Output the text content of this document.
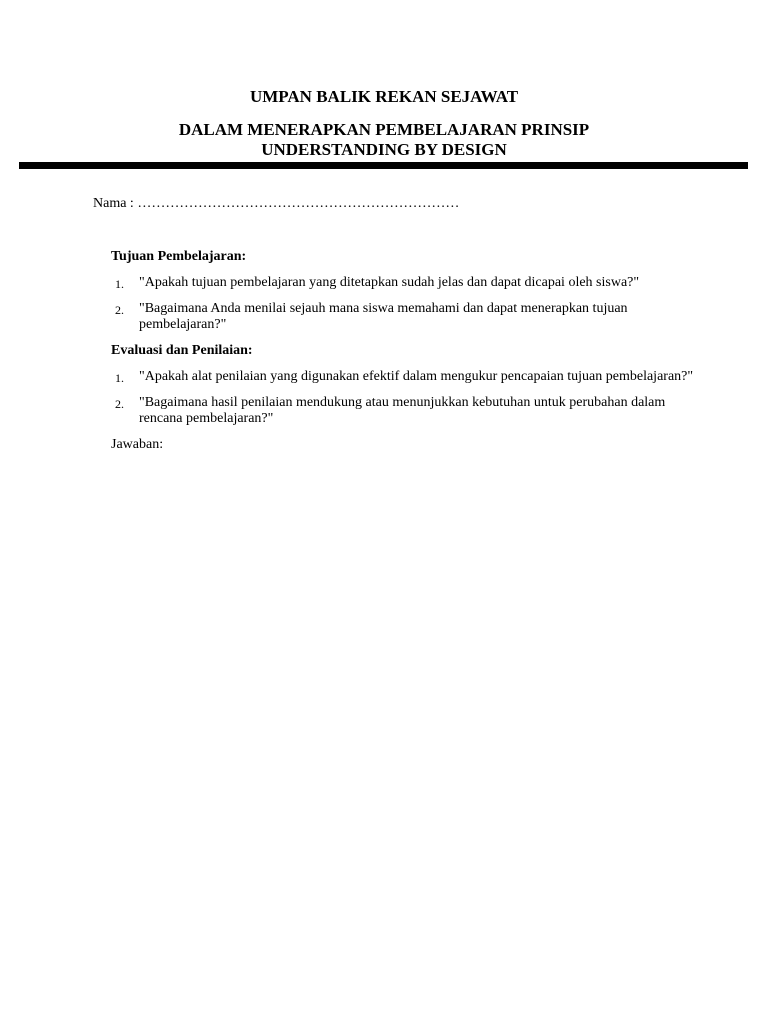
UMPAN BALIK REKAN SEJAWAT
DALAM MENERAPKAN PEMBELAJARAN PRINSIP
UNDERSTANDING BY DESIGN
Nama : ……………………………………………………………
Tujuan Pembelajaran:
1. "Apakah tujuan pembelajaran yang ditetapkan sudah jelas dan dapat dicapai oleh siswa?"
2. "Bagaimana Anda menilai sejauh mana siswa memahami dan dapat menerapkan tujuan pembelajaran?"
Evaluasi dan Penilaian:
1. "Apakah alat penilaian yang digunakan efektif dalam mengukur pencapaian tujuan pembelajaran?"
2. "Bagaimana hasil penilaian mendukung atau menunjukkan kebutuhan untuk perubahan dalam rencana pembelajaran?"
Jawaban:
